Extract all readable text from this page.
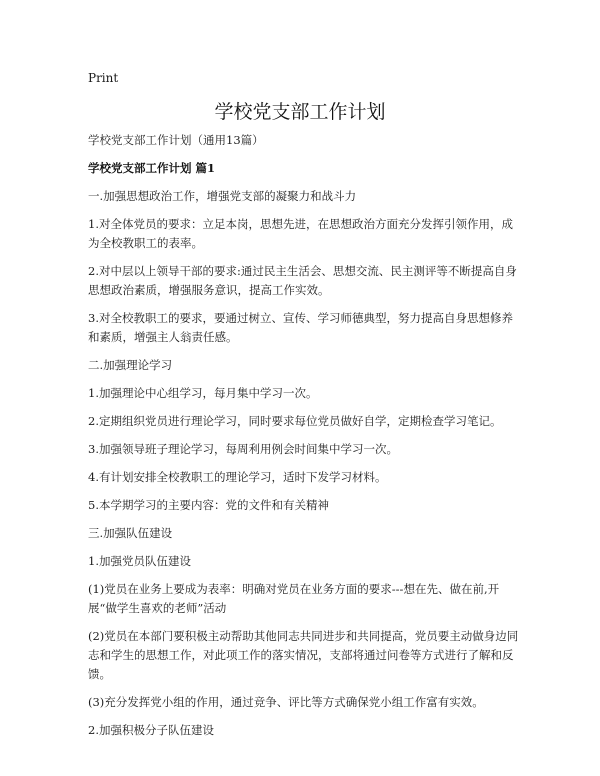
Print
学校党支部工作计划

学校党支部工作计划（通用13篇）

学校党支部工作计划 篇1

一.加强思想政治工作，增强党支部的凝聚力和战斗力

1.对全体党员的要求：立足本岗，思想先进，在思想政治方面充分发挥引领作用，成为全校教职工的表率。

2.对中层以上领导干部的要求:通过民主生活会、思想交流、民主测评等不断提高自身思想政治素质，增强服务意识，提高工作实效。

3.对全校教职工的要求，要通过树立、宣传、学习师德典型，努力提高自身思想修养和素质，增强主人翁责任感。

二.加强理论学习

1.加强理论中心组学习，每月集中学习一次。

2.定期组织党员进行理论学习，同时要求每位党员做好自学，定期检查学习笔记。

3.加强领导班子理论学习，每周利用例会时间集中学习一次。

4.有计划安排全校教职工的理论学习，适时下发学习材料。

5.本学期学习的主要内容：党的文件和有关精神

三.加强队伍建设

1.加强党员队伍建设

(1)党员在业务上要成为表率：明确对党员在业务方面的要求---想在先、做在前,开展“做学生喜欢的老师”活动

(2)党员在本部门要积极主动帮助其他同志共同进步和共同提高，党员要主动做身边同志和学生的思想工作，对此项工作的落实情况，支部将通过问卷等方式进行了解和反馈。

(3)充分发挥党小组的作用，通过竞争、评比等方式确保党小组工作富有实效。

2.加强积极分子队伍建设
